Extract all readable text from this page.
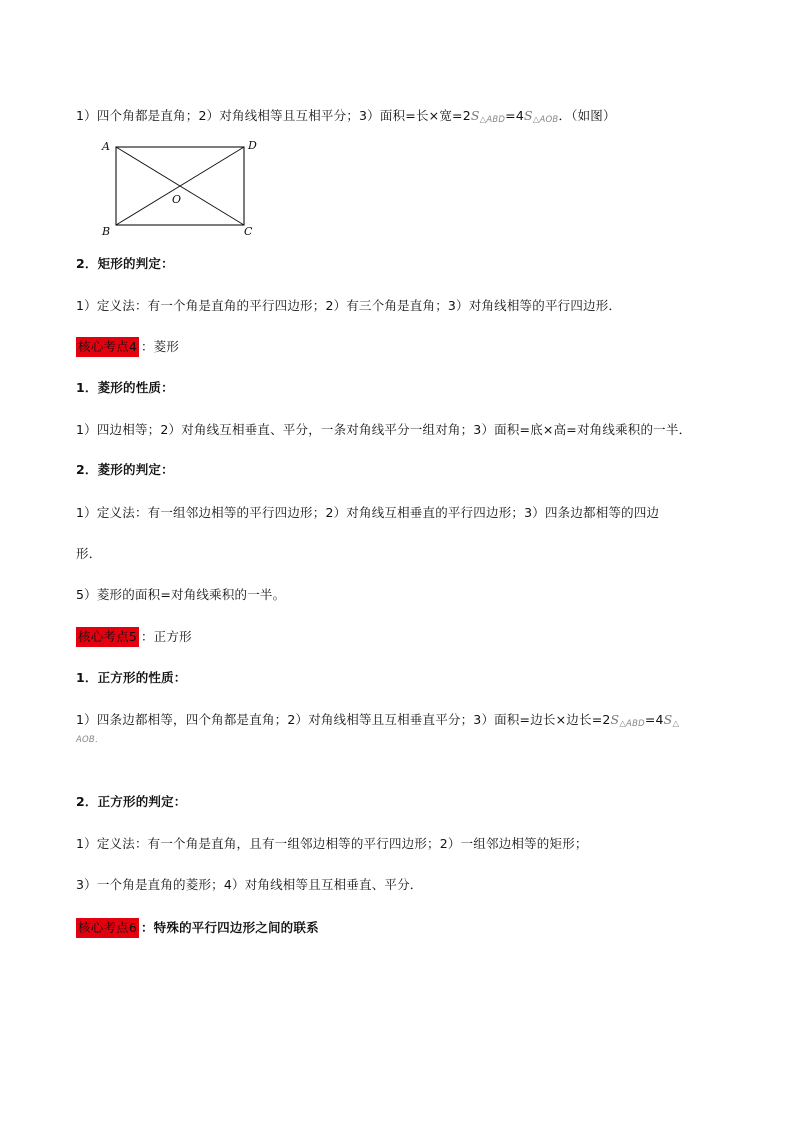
1）四个角都是直角；2）对角线相等且互相平分；3）面积=长×宽$=2S_{\triangle ABD}=4S_{\triangle AOB}$．（如图）
A	D
B	C
O
2．矩形的判定：
1）定义法：有一个角是直角的平行四边形；2）有三个角是直角；3）对角线相等的平行四边形．
核心考点4 ：菱形
1．菱形的性质：
1）四边相等；2）对角线互相垂直、平分，一条对角线平分一组对角；3）面积=底×高=对角线乘积的一半．
2．菱形的判定：
1）定义法：有一组邻边相等的平行四边形；2）对角线互相垂直的平行四边形；3）四条边都相等的四边
形．
5）菱形的面积=对角线乘积的一半。
核心考点5 ：正方形
1．正方形的性质：
1）四条边都相等，四个角都是直角；2）对角线相等且互相垂直平分；3）面积=边长×边长$=2S_{\triangle ABD}=4S_\triangle$
AOB．
2．正方形的判定：
1）定义法：有一个角是直角，且有一组邻边相等的平行四边形；2）一组邻边相等的矩形；
3）一个角是直角的菱形；4）对角线相等且互相垂直、平分．
核心考点6 ：特殊的平行四边形之间的联系
